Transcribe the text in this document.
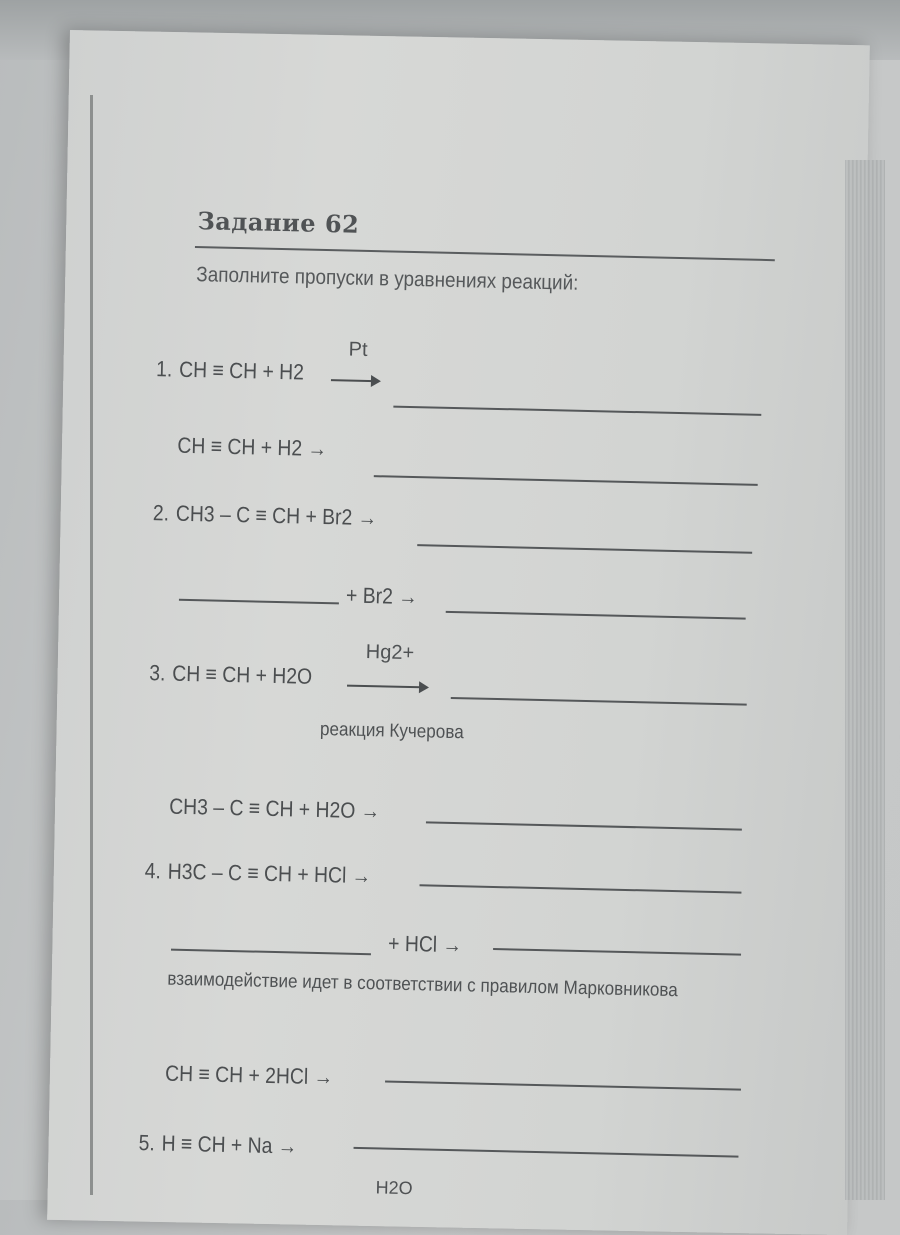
Задание 62
Заполните пропуски в уравнениях реакций:
Pt
1. CH ≡ CH + H2
CH ≡ CH + H2 →
2. CH3 – C ≡ CH + Br2 →
+ Br2 →
Hg2+
3. CH ≡ CH + H2O
реакция Кучерова
CH3 – C ≡ CH + H2O →
4. H3C – C ≡ CH + HCl →
+ HCl →
взаимодействие идет в соответствии с правилом Марковникова
CH ≡ CH + 2HCl →
5. H ≡ CH + Na →
H2O
